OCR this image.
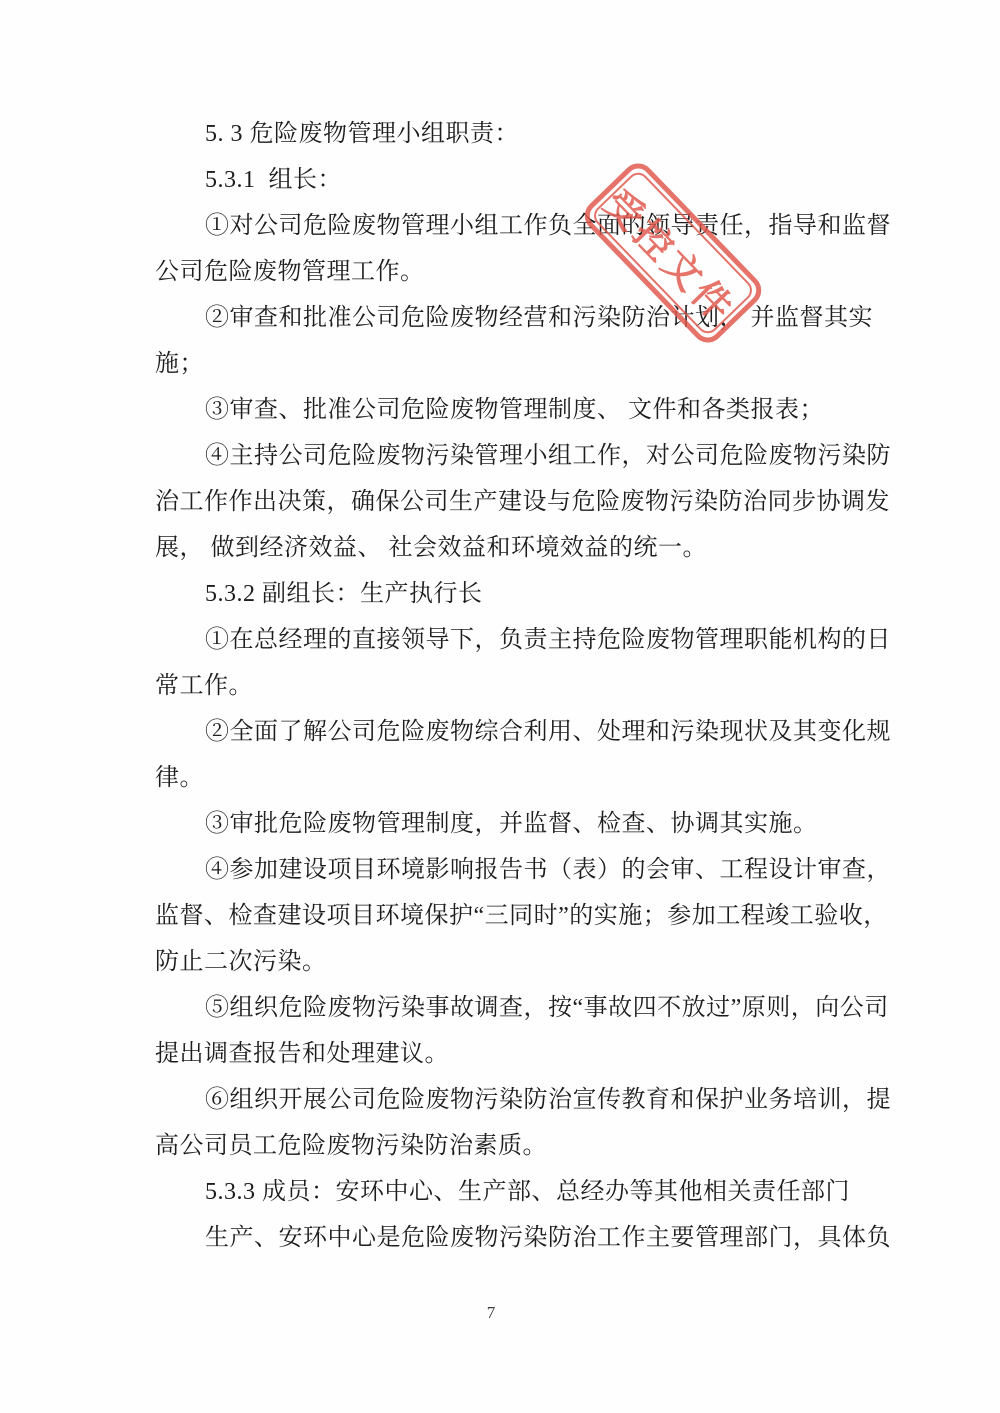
5. 3 危险废物管理小组职责：
5.3.1  组长：
①对公司危险废物管理小组工作负全面的领导责任，指导和监督
公司危险废物管理工作。
②审查和批准公司危险废物经营和污染防治计划， 并监督其实
施；
③审查、批准公司危险废物管理制度、 文件和各类报表；
④主持公司危险废物污染管理小组工作，对公司危险废物污染防
治工作作出决策，确保公司生产建设与危险废物污染防治同步协调发
展， 做到经济效益、 社会效益和环境效益的统一。
5.3.2 副组长：生产执行长
①在总经理的直接领导下，负责主持危险废物管理职能机构的日
常工作。
②全面了解公司危险废物综合利用、处理和污染现状及其变化规
律。
③审批危险废物管理制度，并监督、检查、协调其实施。
④参加建设项目环境影响报告书（表）的会审、工程设计审查，
监督、检查建设项目环境保护“三同时”的实施；参加工程竣工验收，
防止二次污染。
⑤组织危险废物污染事故调查，按“事故四不放过”原则，向公司
提出调查报告和处理建议。
⑥组织开展公司危险废物污染防治宣传教育和保护业务培训，提
高公司员工危险废物污染防治素质。
5.3.3 成员：安环中心、生产部、总经办等其他相关责任部门
生产、安环中心是危险废物污染防治工作主要管理部门，具体负
受控文件
7
